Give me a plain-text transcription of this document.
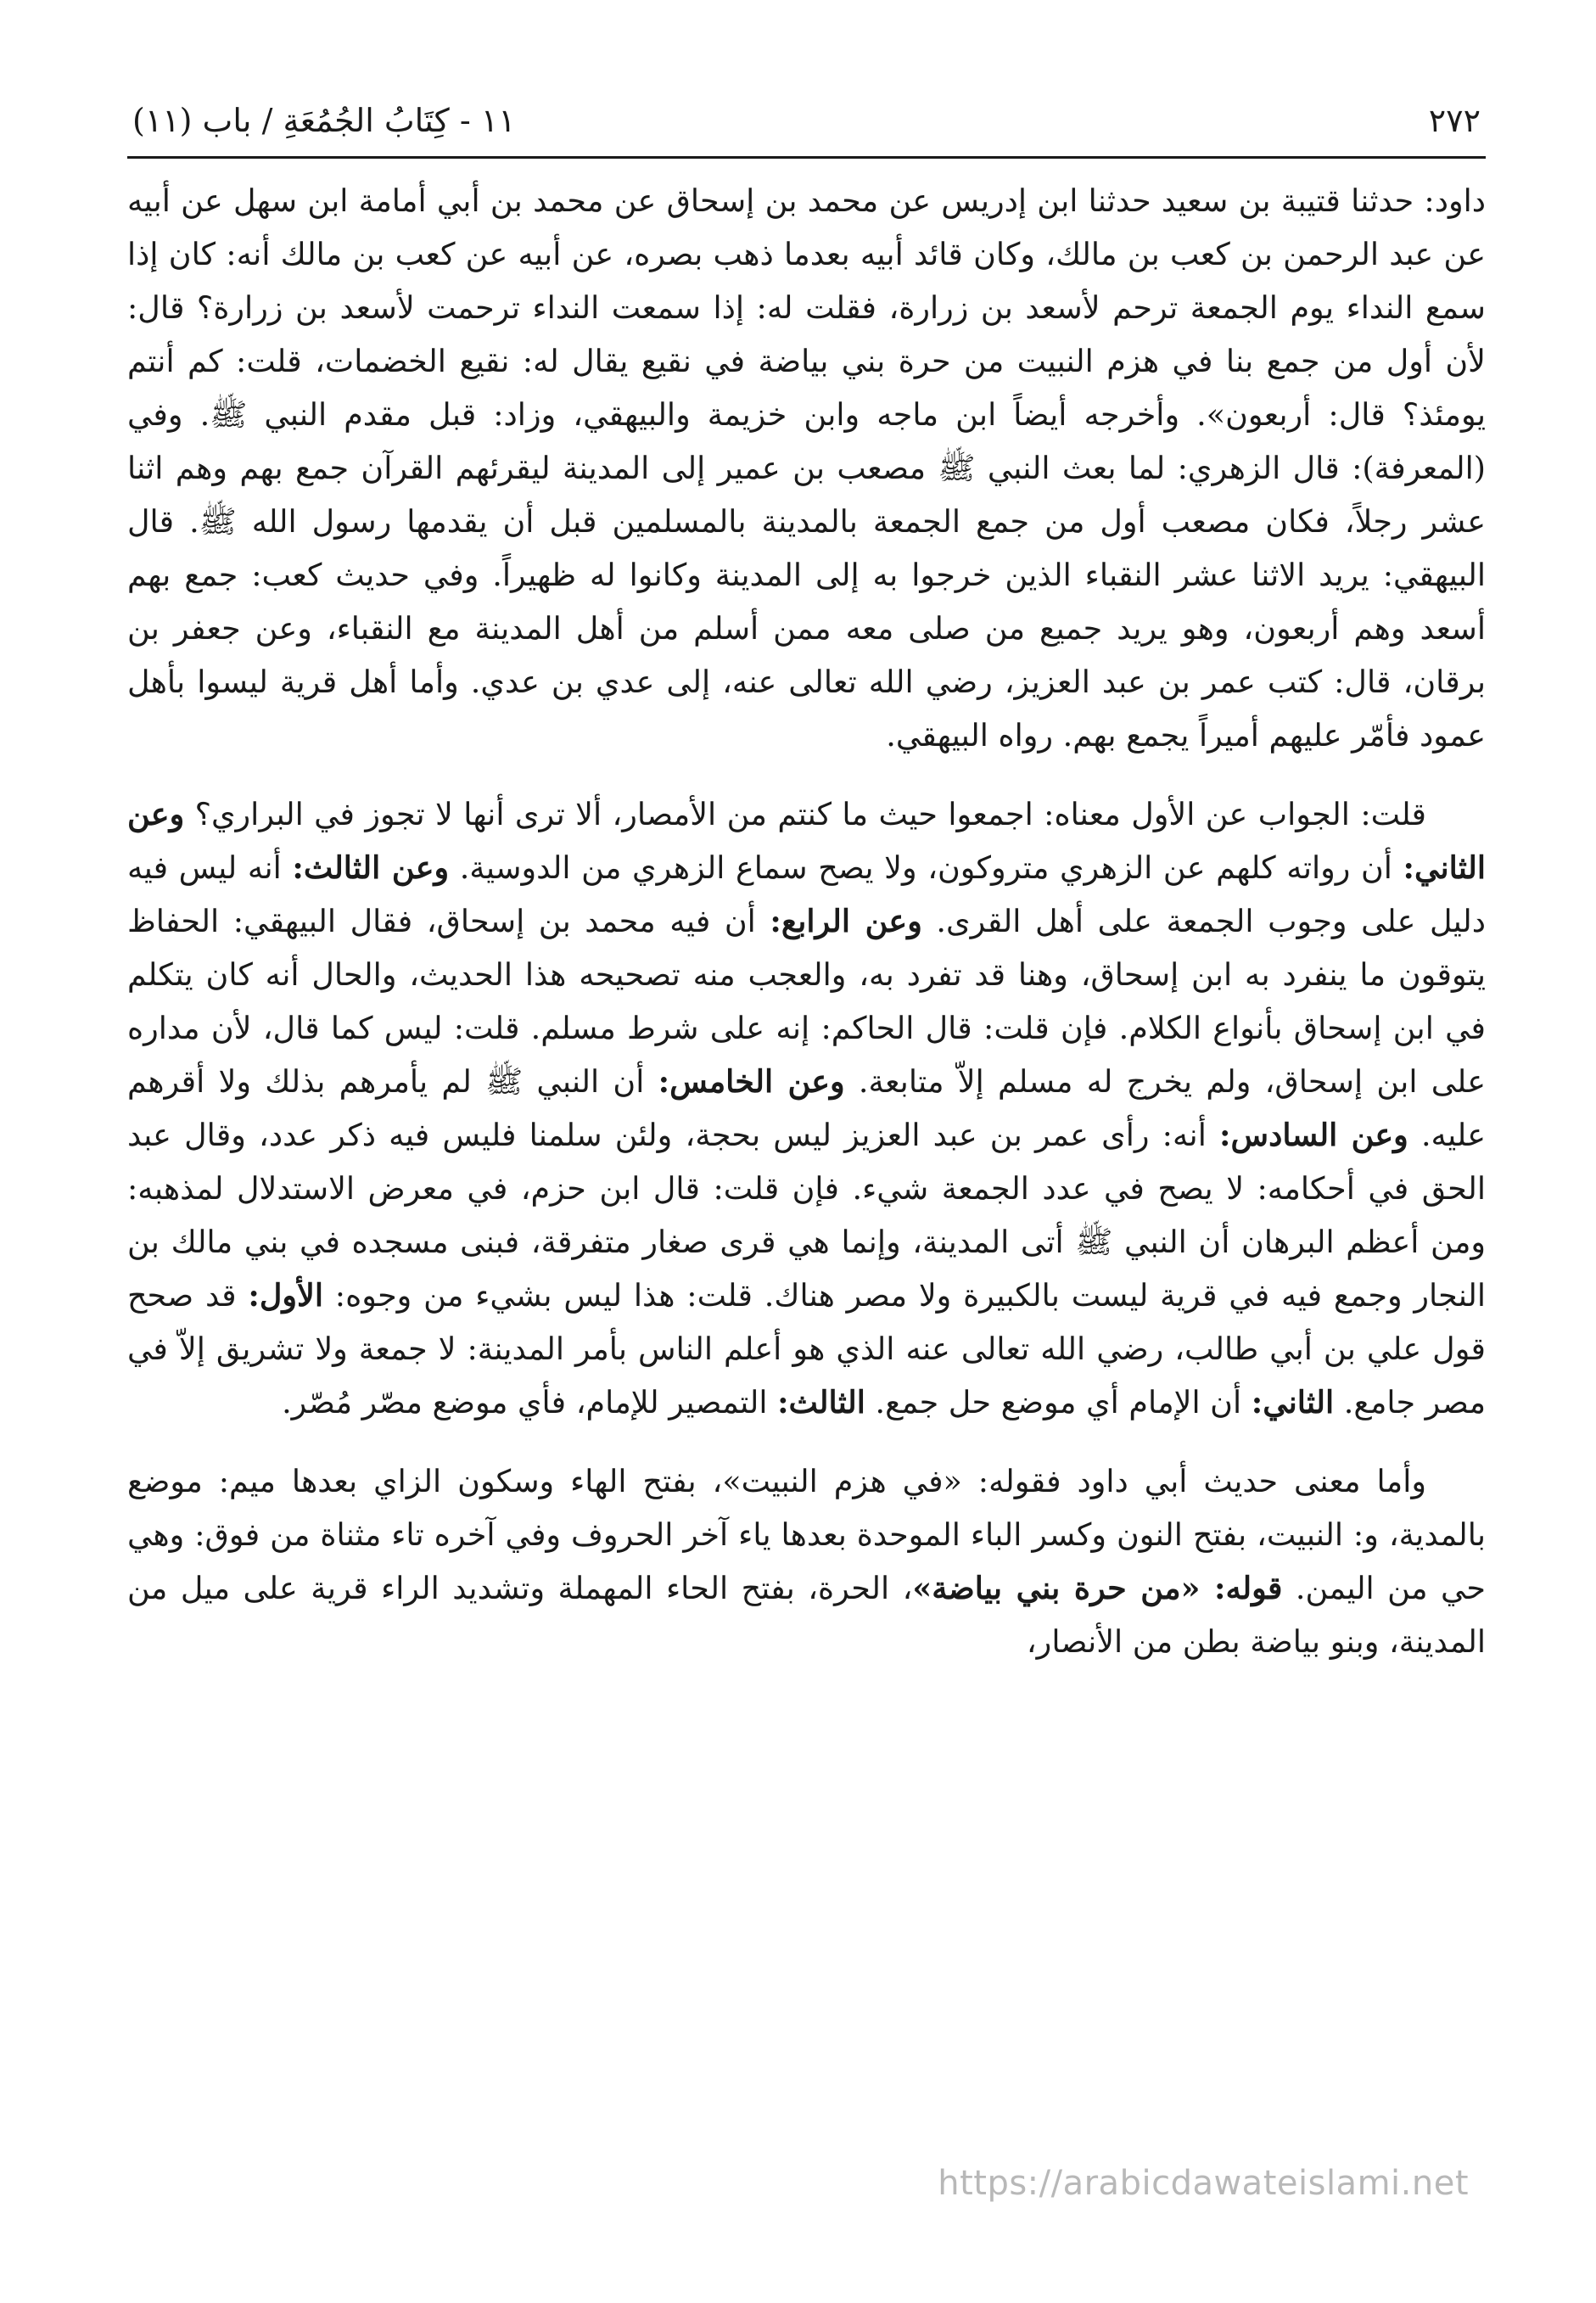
٢٧٢
١١ - كِتَابُ الجُمُعَةِ / باب (١١)

داود: حدثنا قتيبة بن سعيد حدثنا ابن إدريس عن محمد بن إسحاق عن محمد بن أبي أمامة ابن سهل عن أبيه عن عبد الرحمن بن كعب بن مالك، وكان قائد أبيه بعدما ذهب بصره، عن أبيه عن كعب بن مالك أنه: كان إذا سمع النداء يوم الجمعة ترحم لأسعد بن زرارة، فقلت له: إذا سمعت النداء ترحمت لأسعد بن زرارة؟ قال: لأن أول من جمع بنا في هزم النبيت من حرة بني بياضة في نقيع يقال له: نقيع الخضمات، قلت: كم أنتم يومئذ؟ قال: أربعون». وأخرجه أيضاً ابن ماجه وابن خزيمة والبيهقي، وزاد: قبل مقدم النبي ﷺ. وفي (المعرفة): قال الزهري: لما بعث النبي ﷺ مصعب بن عمير إلى المدينة ليقرئهم القرآن جمع بهم وهم اثنا عشر رجلاً، فكان مصعب أول من جمع الجمعة بالمدينة بالمسلمين قبل أن يقدمها رسول الله ﷺ. قال البيهقي: يريد الاثنا عشر النقباء الذين خرجوا به إلى المدينة وكانوا له ظهيراً. وفي حديث كعب: جمع بهم أسعد وهم أربعون، وهو يريد جميع من صلى معه ممن أسلم من أهل المدينة مع النقباء، وعن جعفر بن برقان، قال: كتب عمر بن عبد العزيز، رضي الله تعالى عنه، إلى عدي بن عدي. وأما أهل قرية ليسوا بأهل عمود فأمّر عليهم أميراً يجمع بهم. رواه البيهقي.

قلت: الجواب عن الأول معناه: اجمعوا حيث ما كنتم من الأمصار، ألا ترى أنها لا تجوز في البراري؟ وعن الثاني: أن رواته كلهم عن الزهري متروكون، ولا يصح سماع الزهري من الدوسية. وعن الثالث: أنه ليس فيه دليل على وجوب الجمعة على أهل القرى. وعن الرابع: أن فيه محمد بن إسحاق، فقال البيهقي: الحفاظ يتوقون ما ينفرد به ابن إسحاق، وهنا قد تفرد به، والعجب منه تصحيحه هذا الحديث، والحال أنه كان يتكلم في ابن إسحاق بأنواع الكلام. فإن قلت: قال الحاكم: إنه على شرط مسلم. قلت: ليس كما قال، لأن مداره على ابن إسحاق، ولم يخرج له مسلم إلاّ متابعة. وعن الخامس: أن النبي ﷺ لم يأمرهم بذلك ولا أقرهم عليه. وعن السادس: أنه: رأى عمر بن عبد العزيز ليس بحجة، ولئن سلمنا فليس فيه ذكر عدد، وقال عبد الحق في أحكامه: لا يصح في عدد الجمعة شيء. فإن قلت: قال ابن حزم، في معرض الاستدلال لمذهبه: ومن أعظم البرهان أن النبي ﷺ أتى المدينة، وإنما هي قرى صغار متفرقة، فبنى مسجده في بني مالك بن النجار وجمع فيه في قرية ليست بالكبيرة ولا مصر هناك. قلت: هذا ليس بشيء من وجوه: الأول: قد صحح قول علي بن أبي طالب، رضي الله تعالى عنه الذي هو أعلم الناس بأمر المدينة: لا جمعة ولا تشريق إلاّ في مصر جامع. الثاني: أن الإمام أي موضع حل جمع. الثالث: التمصير للإمام، فأي موضع مصّر مُصّر.

وأما معنى حديث أبي داود فقوله: «في هزم النبيت»، بفتح الهاء وسكون الزاي بعدها ميم: موضع بالمدية، و: النبيت، بفتح النون وكسر الباء الموحدة بعدها ياء آخر الحروف وفي آخره تاء مثناة من فوق: وهي حي من اليمن. قوله: «من حرة بني بياضة»، الحرة، بفتح الحاء المهملة وتشديد الراء قرية على ميل من المدينة، وبنو بياضة بطن من الأنصار،

https://arabicdawateislami.net
